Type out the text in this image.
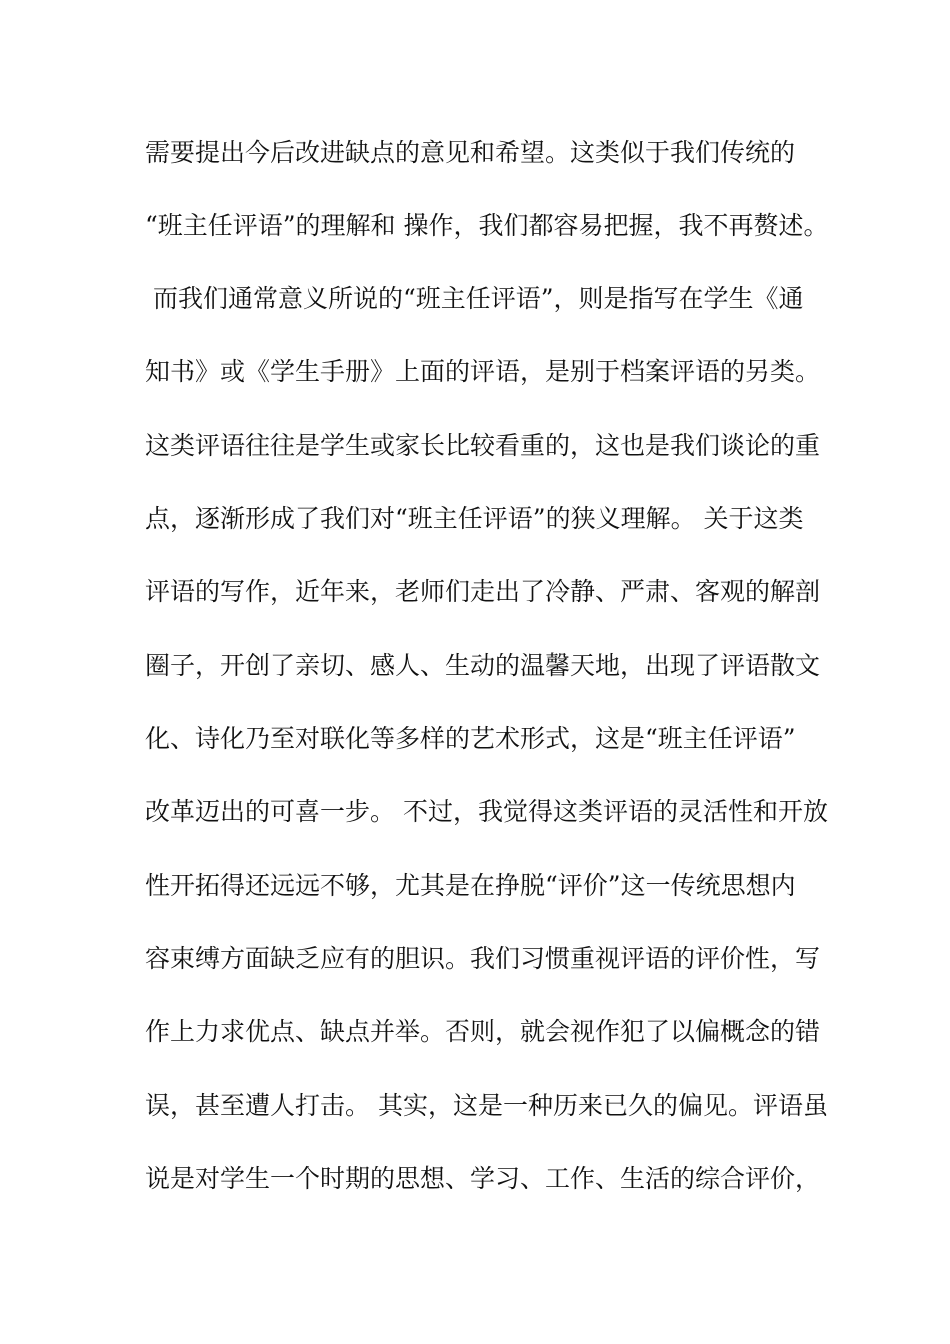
需要提出今后改进缺点的意见和希望。这类似于我们传统的
“班主任评语”的理解和 操作，我们都容易把握，我不再赘述。
而我们通常意义所说的“班主任评语”，则是指写在学生《通
知书》或《学生手册》上面的评语，是别于档案评语的另类。
这类评语往往是学生或家长比较看重的，这也是我们谈论的重
点，逐渐形成了我们对“班主任评语”的狭义理解。 关于这类
评语的写作，近年来，老师们走出了冷静、严肃、客观的解剖
圈子，开创了亲切、感人、生动的温馨天地，出现了评语散文
化、诗化乃至对联化等多样的艺术形式，这是“班主任评语”
改革迈出的可喜一步。 不过，我觉得这类评语的灵活性和开放
性开拓得还远远不够，尤其是在挣脱“评价”这一传统思想内
容束缚方面缺乏应有的胆识。我们习惯重视评语的评价性，写
作上力求优点、缺点并举。否则，就会视作犯了以偏概念的错
误，甚至遭人打击。 其实，这是一种历来已久的偏见。评语虽
说是对学生一个时期的思想、学习、工作、生活的综合评价，
